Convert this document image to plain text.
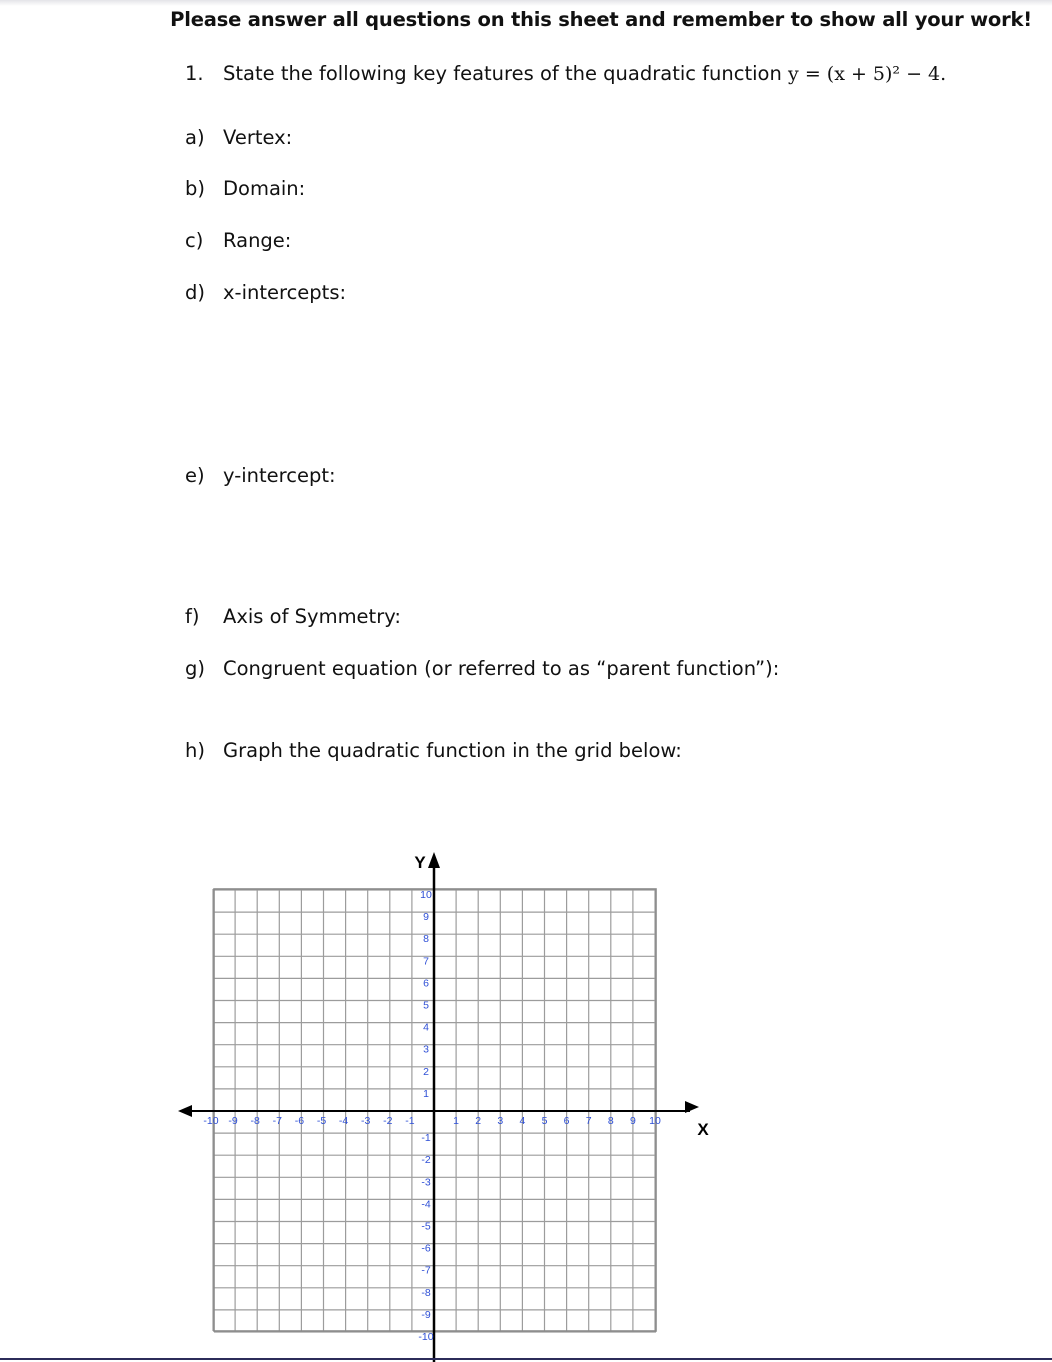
Please answer all questions on this sheet and remember to show all your work!
1. State the following key features of the quadratic function y = (x + 5)² − 4.
a) Vertex:
b) Domain:
c) Range:
d) x-intercepts:
e) y-intercept:
f) Axis of Symmetry:
g) Congruent equation (or referred to as “parent function”):
h) Graph the quadratic function in the grid below:
X
Y
-10 -9 -8 -7 -6 -5 -4 -3 -2 -1	1 2 3 4 5 6 7 8 9 10
10
9
8
7
6
5
4
3
2
1
-1
-2
-3
-4
-5
-6
-7
-8
-9
-10
